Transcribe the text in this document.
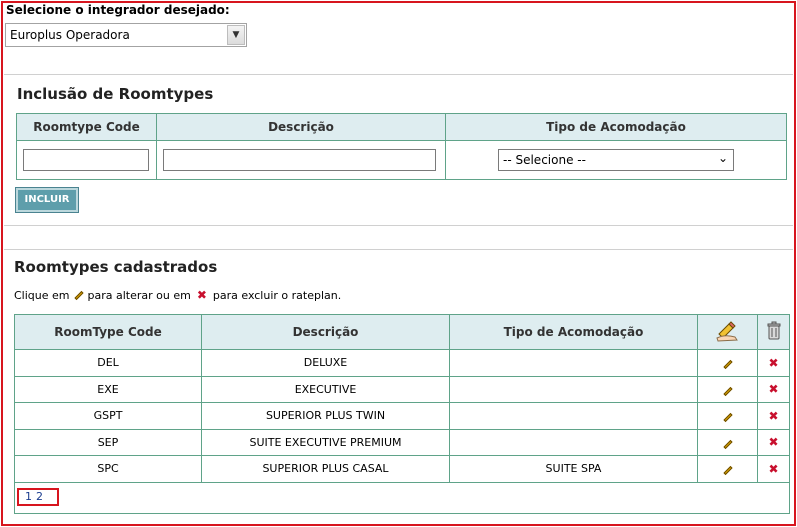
Selecione o integrador desejado:
Europlus Operadora	▼
Inclusão de Roomtypes
Roomtype Code	Descrição	Tipo de Acomodação

		-- Selecione -- ⌄
INCLUIR
Roomtypes cadastrados
Clique em para alterar ou em ✖ para excluir o rateplan.
RoomType Code	Descrição	Tipo de Acomodação		
DEL	DELUXE			✖
EXE	EXECUTIVE			✖
GSPT	SUPERIOR PLUS TWIN			✖
SEP	SUITE EXECUTIVE PREMIUM			✖
SPC	SUPERIOR PLUS CASAL	SUITE SPA		✖
1 2
